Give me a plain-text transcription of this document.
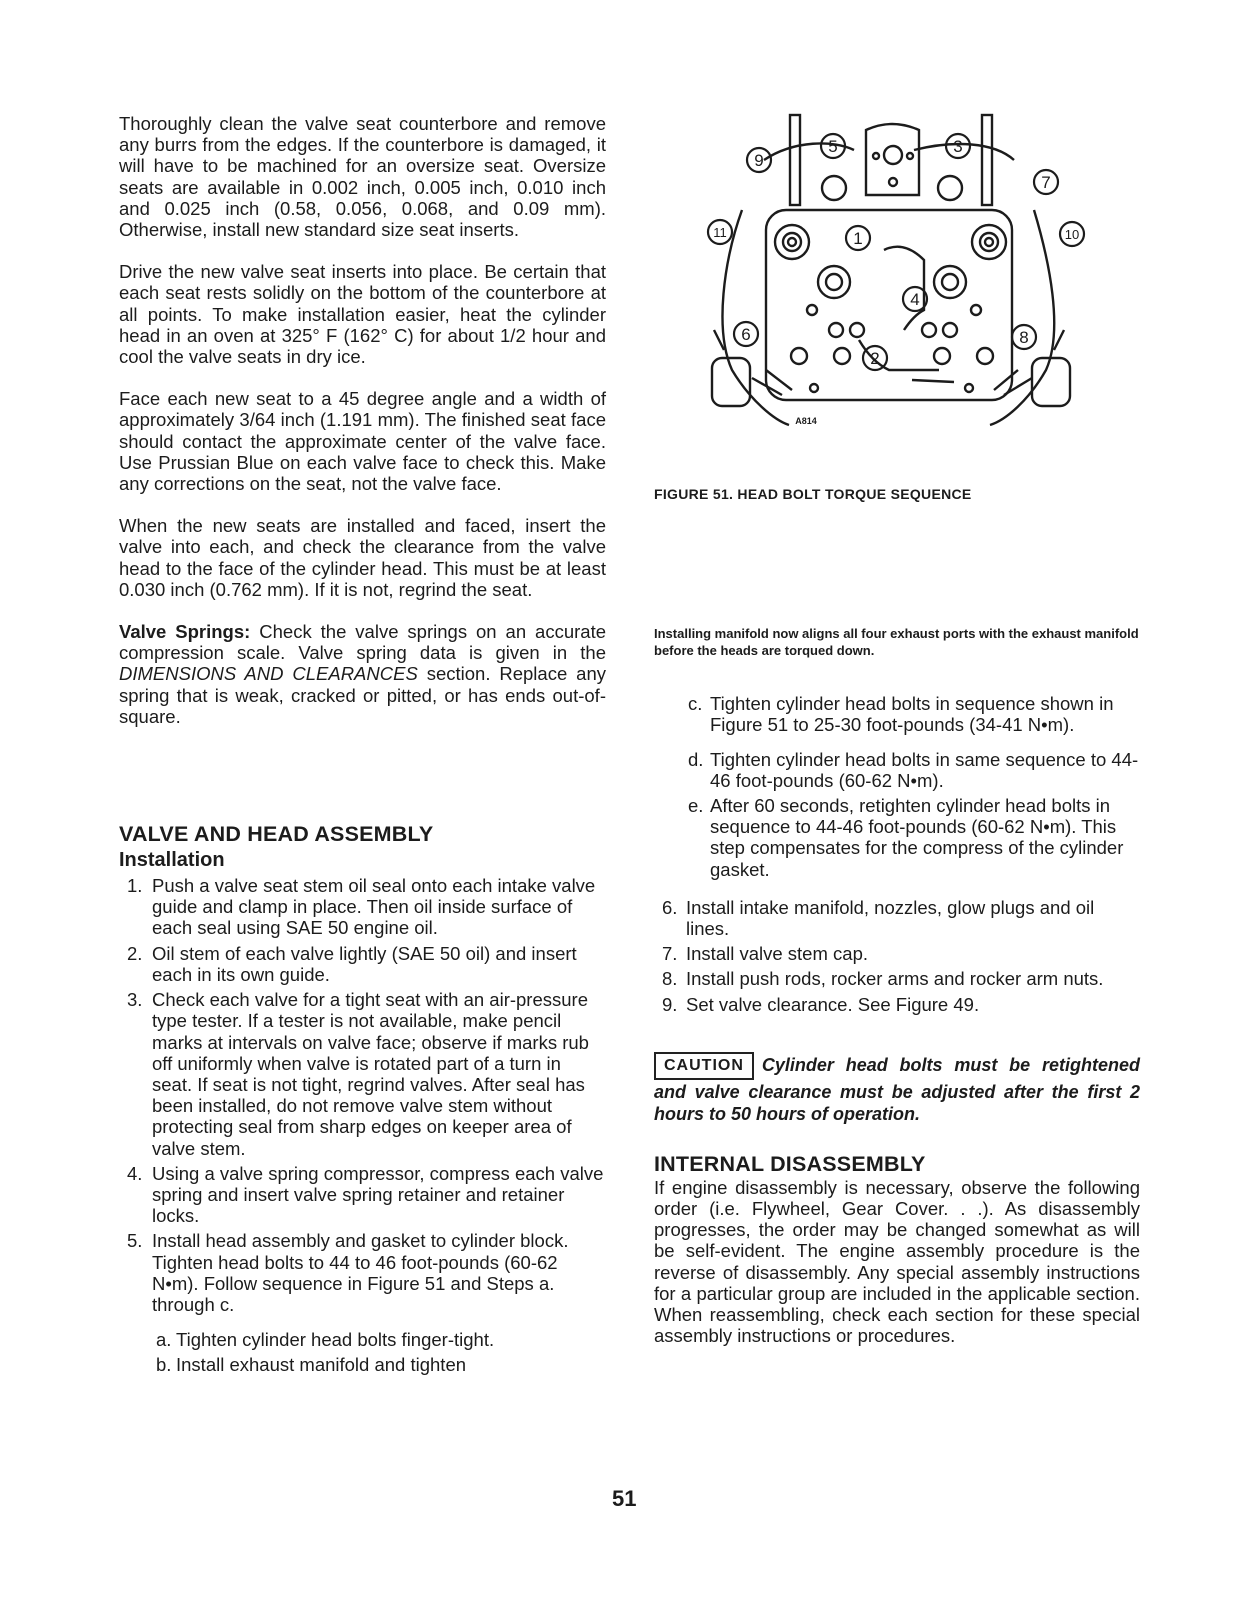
Thoroughly clean the valve seat counterbore and remove any burrs from the edges. If the counterbore is damaged, it will have to be machined for an oversize seat. Oversize seats are available in 0.002 inch, 0.005 inch, 0.010 inch and 0.025 inch (0.58, 0.056, 0.068, and 0.09 mm). Otherwise, install new standard size seat inserts.

Drive the new valve seat inserts into place. Be certain that each seat rests solidly on the bottom of the counterbore at all points. To make installation easier, heat the cylinder head in an oven at 325° F (162° C) for about 1/2 hour and cool the valve seats in dry ice.

Face each new seat to a 45 degree angle and a width of approximately 3/64 inch (1.191 mm). The finished seat face should contact the approximate center of the valve face. Use Prussian Blue on each valve face to check this. Make any corrections on the seat, not the valve face.

When the new seats are installed and faced, insert the valve into each, and check the clearance from the valve head to the face of the cylinder head. This must be at least 0.030 inch (0.762 mm). If it is not, regrind the seat.

Valve Springs: Check the valve springs on an accurate compression scale. Valve spring data is given in the DIMENSIONS AND CLEARANCES section. Replace any spring that is weak, cracked or pitted, or has ends out-of-square.

VALVE AND HEAD ASSEMBLY
Installation
1. Push a valve seat stem oil seal onto each intake valve guide and clamp in place. Then oil inside surface of each seal using SAE 50 engine oil.
2. Oil stem of each valve lightly (SAE 50 oil) and insert each in its own guide.
3. Check each valve for a tight seat with an air-pressure type tester. If a tester is not available, make pencil marks at intervals on valve face; observe if marks rub off uniformly when valve is rotated part of a turn in seat. If seat is not tight, regrind valves. After seal has been installed, do not remove valve stem without protecting seal from sharp edges on keeper area of valve stem.
4. Using a valve spring compressor, compress each valve spring and insert valve spring retainer and retainer locks.
5. Install head assembly and gasket to cylinder block. Tighten head bolts to 44 to 46 foot-pounds (60-62 N•m). Follow sequence in Figure 51 and Steps a. through c.
a. Tighten cylinder head bolts finger-tight.
b. Install exhaust manifold and tighten
1
2
3
4
5
6
7
8
9
10
11
A814

FIGURE 51. HEAD BOLT TORQUE SEQUENCE

Installing manifold now aligns all four exhaust ports with the exhaust manifold before the heads are torqued down.

c. Tighten cylinder head bolts in sequence shown in Figure 51 to 25-30 foot-pounds (34-41 N•m).
d. Tighten cylinder head bolts in same sequence to 44-46 foot-pounds (60-62 N•m).
e. After 60 seconds, retighten cylinder head bolts in sequence to 44-46 foot-pounds (60-62 N•m). This step compensates for the compress of the cylinder gasket.
6. Install intake manifold, nozzles, glow plugs and oil lines.
7. Install valve stem cap.
8. Install push rods, rocker arms and rocker arm nuts.
9. Set valve clearance. See Figure 49.

CAUTION Cylinder head bolts must be retightened and valve clearance must be adjusted after the first 2 hours to 50 hours of operation.

INTERNAL DISASSEMBLY

If engine disassembly is necessary, observe the following order (i.e. Flywheel, Gear Cover. . .). As disassembly progresses, the order may be changed somewhat as will be self-evident. The engine assembly procedure is the reverse of disassembly. Any special assembly instructions for a particular group are included in the applicable section. When reassembling, check each section for these special assembly instructions or procedures.

51
